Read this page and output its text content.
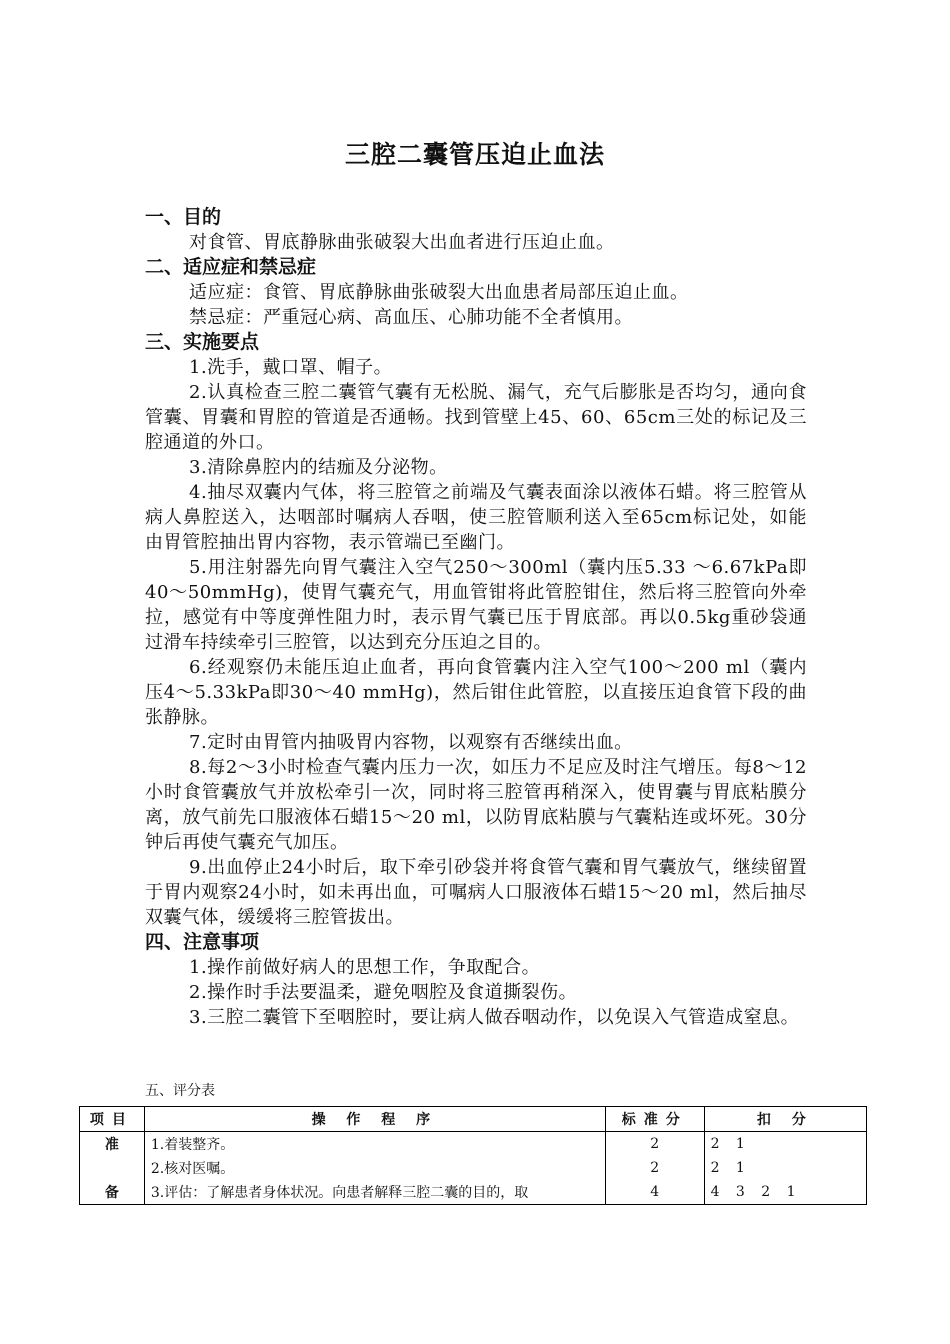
三腔二囊管压迫止血法

一、目的

对食管、胃底静脉曲张破裂大出血者进行压迫止血。

二、适应症和禁忌症

适应症：食管、胃底静脉曲张破裂大出血患者局部压迫止血。

禁忌症：严重冠心病、高血压、心肺功能不全者慎用。

三、实施要点

1.洗手，戴口罩、帽子。

2.认真检查三腔二囊管气囊有无松脱、漏气，充气后膨胀是否均匀，通向食管囊、胃囊和胃腔的管道是否通畅。找到管壁上45、60、65cm三处的标记及三腔通道的外口。

3.清除鼻腔内的结痂及分泌物。

4.抽尽双囊内气体，将三腔管之前端及气囊表面涂以液体石蜡。将三腔管从病人鼻腔送入，达咽部时嘱病人吞咽，使三腔管顺利送入至65cm标记处，如能由胃管腔抽出胃内容物，表示管端已至幽门。

5.用注射器先向胃气囊注入空气250～300ml（囊内压5.33 ～6.67kPa即40～50mmHg)，使胃气囊充气，用血管钳将此管腔钳住，然后将三腔管向外牵拉，感觉有中等度弹性阻力时，表示胃气囊已压于胃底部。再以0.5kg重砂袋通过滑车持续牵引三腔管，以达到充分压迫之目的。

6.经观察仍未能压迫止血者，再向食管囊内注入空气100～200 ml（囊内压4～5.33kPa即30～40 mmHg)，然后钳住此管腔，以直接压迫食管下段的曲张静脉。

7.定时由胃管内抽吸胃内容物，以观察有否继续出血。

8.每2～3小时检查气囊内压力一次，如压力不足应及时注气增压。每8～12小时食管囊放气并放松牵引一次，同时将三腔管再稍深入，使胃囊与胃底粘膜分离，放气前先口服液体石蜡15～20 ml，以防胃底粘膜与气囊粘连或坏死。30分钟后再使气囊充气加压。

9.出血停止24小时后，取下牵引砂袋并将食管气囊和胃气囊放气，继续留置于胃内观察24小时，如未再出血，可嘱病人口服液体石蜡15～20 ml，然后抽尽双囊气体，缓缓将三腔管拔出。

四、注意事项

1.操作前做好病人的思想工作，争取配合。

2.操作时手法要温柔，避免咽腔及食道撕裂伤。

3.三腔二囊管下至咽腔时，要让病人做吞咽动作，以免误入气管造成窒息。

五、评分表
项目	操 作 程 序	标准分	扣 分
准	1.着装整齐。	2	2 1
	2.核对医嘱。	2	2 1
备	3.评估：了解患者身体状况。向患者解释三腔二囊的目的，取	4	4 3 2 1
